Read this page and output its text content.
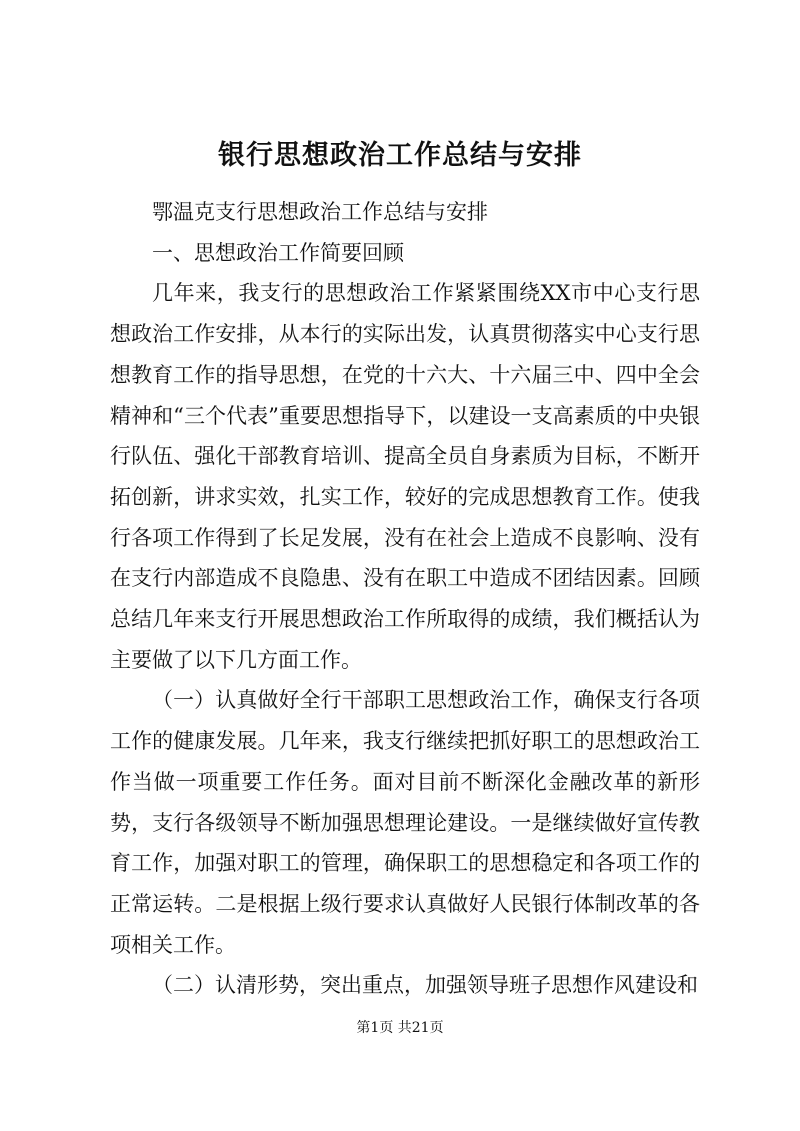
银行思想政治工作总结与安排

鄂温克支行思想政治工作总结与安排

一、思想政治工作简要回顾

几年来，我支行的思想政治工作紧紧围绕XX市中心支行思想政治工作安排，从本行的实际出发，认真贯彻落实中心支行思想教育工作的指导思想，在党的十六大、十六届三中、四中全会精神和“三个代表”重要思想指导下，以建设一支高素质的中央银行队伍、强化干部教育培训、提高全员自身素质为目标，不断开拓创新，讲求实效，扎实工作，较好的完成思想教育工作。使我行各项工作得到了长足发展，没有在社会上造成不良影响、没有在支行内部造成不良隐患、没有在职工中造成不团结因素。回顾总结几年来支行开展思想政治工作所取得的成绩，我们概括认为主要做了以下几方面工作。

（一）认真做好全行干部职工思想政治工作，确保支行各项工作的健康发展。几年来，我支行继续把抓好职工的思想政治工作当做一项重要工作任务。面对目前不断深化金融改革的新形势，支行各级领导不断加强思想理论建设。一是继续做好宣传教育工作，加强对职工的管理，确保职工的思想稳定和各项工作的正常运转。二是根据上级行要求认真做好人民银行体制改革的各项相关工作。

（二）认清形势，突出重点，加强领导班子思想作风建设和

第1页 共21页
